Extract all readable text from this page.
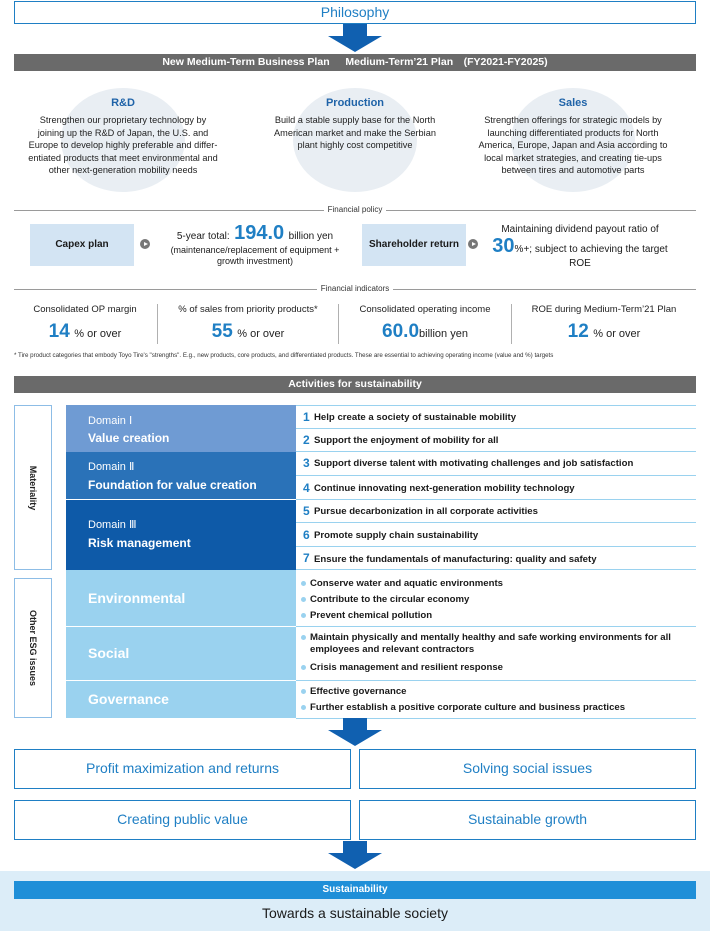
Philosophy
New Medium-Term Business Plan  Medium-Term’21 Plan (FY2021-FY2025)
R&D
Strengthen our proprietary technology by
joining up the R&D of Japan, the U.S. and
Europe to develop highly preferable and differ-
entiated products that meet environmental and
other next-generation mobility needs
Production
Build a stable supply base for the North
American market and make the Serbian
plant highly cost competitive
Sales
Strengthen offerings for strategic models by
launching differentiated products for North
America, Europe, Japan and Asia according to
local market strategies, and creating tie-ups
between tires and automotive parts
Financial policy
Capex plan
5-year total: 194.0 billion yen
(maintenance/replacement of equipment +
growth investment)
Shareholder return
Maintaining dividend payout ratio of
30%+; subject to achieving the target
ROE
Financial indicators
Consolidated OP margin
14 % or over
% of sales from priority products*
55 % or over
Consolidated operating income
60.0billion yen
ROE during Medium-Term’21 Plan
12 % or over
* Tire product categories that embody Toyo Tire's "strengths". E.g., new products, core products, and differentiated products. These are essential to achieving operating income (value and %) targets
Activities for sustainability
Materiality
Other ESG issues
Domain Ⅰ
Value creation
Domain Ⅱ
Foundation for value creation
Domain Ⅲ
Risk management
1 Help create a society of sustainable mobility
2 Support the enjoyment of mobility for all
3 Support diverse talent with motivating challenges and job satisfaction
4 Continue innovating next-generation mobility technology
5 Pursue decarbonization in all corporate activities
6 Promote supply chain sustainability
7 Ensure the fundamentals of manufacturing: quality and safety
Environmental
Social
Governance
Conserve water and aquatic environments
Contribute to the circular economy
Prevent chemical pollution
Maintain physically and mentally healthy and safe working environments for all employees and relevant contractors
Crisis management and resilient response
Effective governance
Further establish a positive corporate culture and business practices
Profit maximization and returns	Solving social issues
Creating public value	Sustainable growth
Sustainability
Towards a sustainable society
